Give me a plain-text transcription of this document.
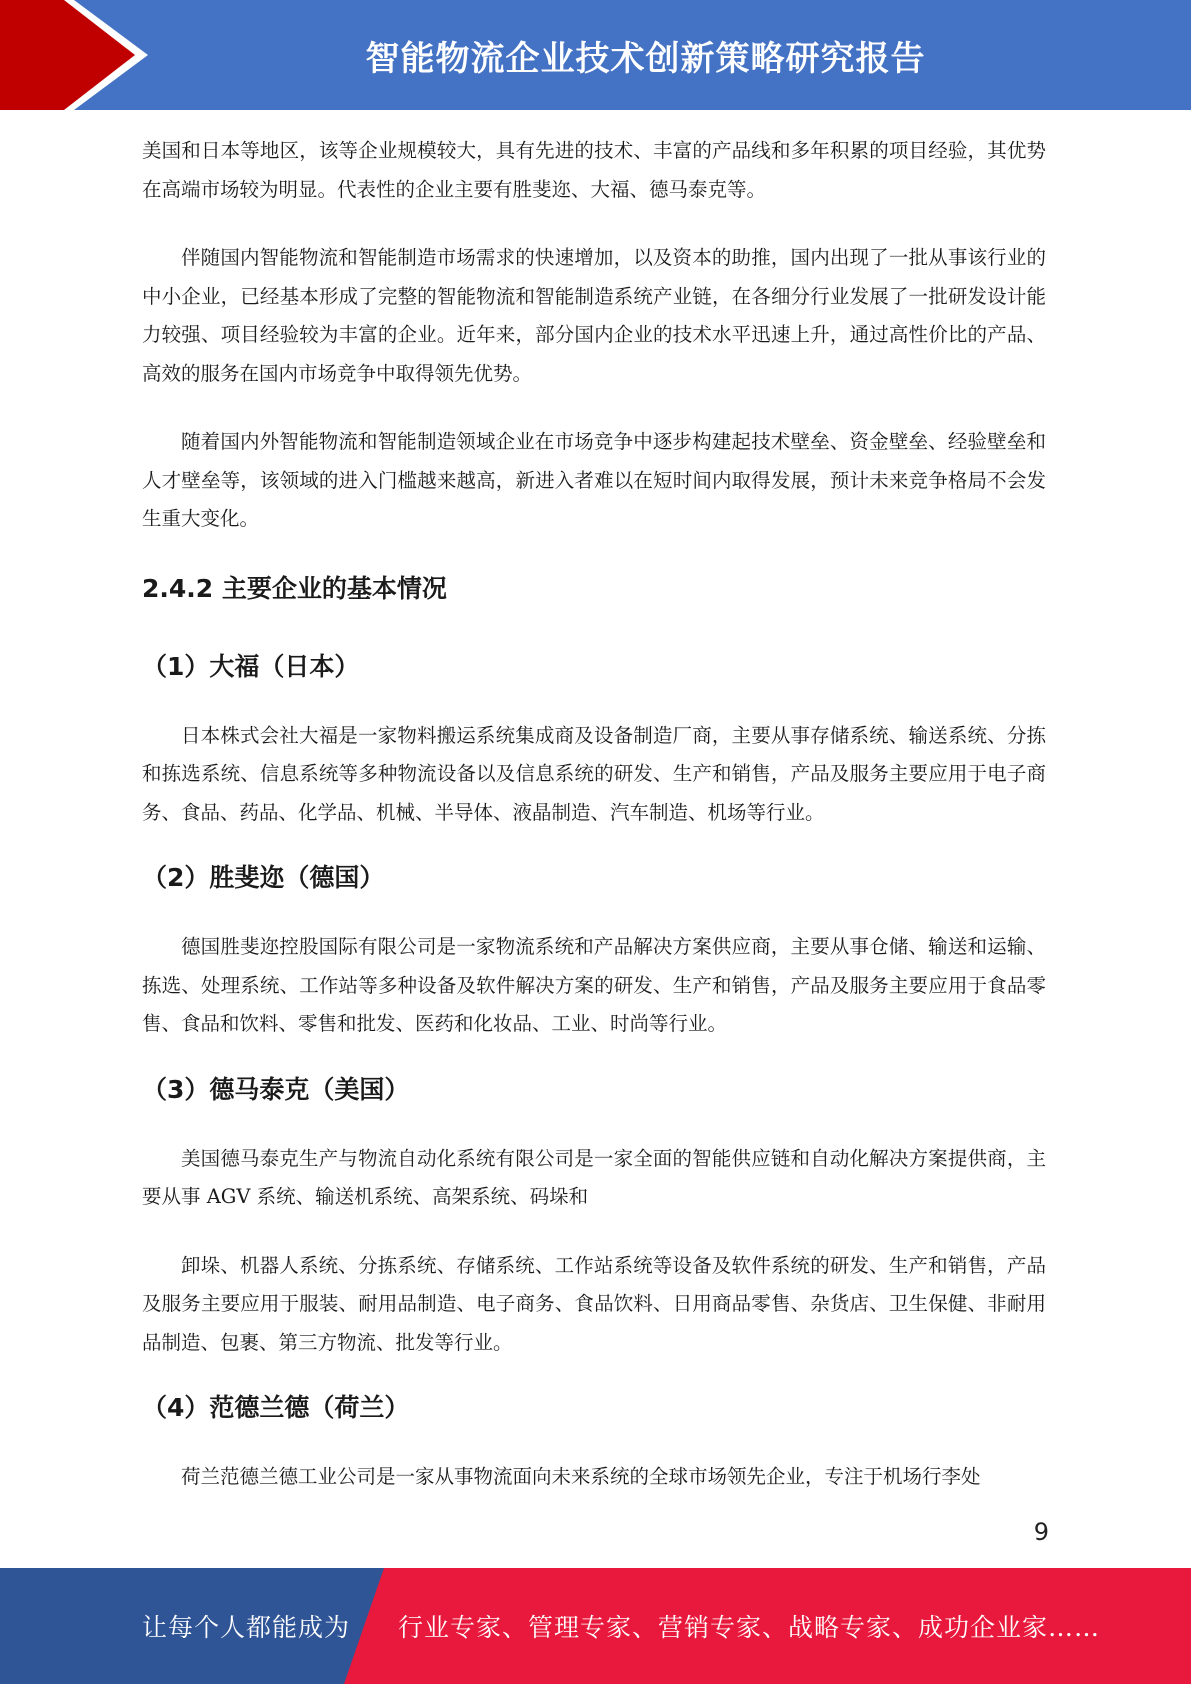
智能物流企业技术创新策略研究报告

美国和日本等地区，该等企业规模较大，具有先进的技术、丰富的产品线和多年积累的项目经验，其优势在高端市场较为明显。代表性的企业主要有胜斐迩、大福、德马泰克等。

伴随国内智能物流和智能制造市场需求的快速增加，以及资本的助推，国内出现了一批从事该行业的中小企业，已经基本形成了完整的智能物流和智能制造系统产业链，在各细分行业发展了一批研发设计能力较强、项目经验较为丰富的企业。近年来，部分国内企业的技术水平迅速上升，通过高性价比的产品、高效的服务在国内市场竞争中取得领先优势。

随着国内外智能物流和智能制造领域企业在市场竞争中逐步构建起技术壁垒、资金壁垒、经验壁垒和人才壁垒等，该领域的进入门槛越来越高，新进入者难以在短时间内取得发展，预计未来竞争格局不会发生重大变化。

2.4.2 主要企业的基本情况
（1）大福（日本）

日本株式会社大福是一家物料搬运系统集成商及设备制造厂商，主要从事存储系统、输送系统、分拣和拣选系统、信息系统等多种物流设备以及信息系统的研发、生产和销售，产品及服务主要应用于电子商务、食品、药品、化学品、机械、半导体、液晶制造、汽车制造、机场等行业。

（2）胜斐迩（德国）

德国胜斐迩控股国际有限公司是一家物流系统和产品解决方案供应商，主要从事仓储、输送和运输、拣选、处理系统、工作站等多种设备及软件解决方案的研发、生产和销售，产品及服务主要应用于食品零售、食品和饮料、零售和批发、医药和化妆品、工业、时尚等行业。

（3）德马泰克（美国）

美国德马泰克生产与物流自动化系统有限公司是一家全面的智能供应链和自动化解决方案提供商，主要从事 AGV 系统、输送机系统、高架系统、码垛和

卸垛、机器人系统、分拣系统、存储系统、工作站系统等设备及软件系统的研发、生产和销售，产品及服务主要应用于服装、耐用品制造、电子商务、食品饮料、日用商品零售、杂货店、卫生保健、非耐用品制造、包裹、第三方物流、批发等行业。

（4）范德兰德（荷兰）

荷兰范德兰德工业公司是一家从事物流面向未来系统的全球市场领先企业，专注于机场行李处

9
让每个人都能成为 行业专家、管理专家、营销专家、战略专家、成功企业家……
